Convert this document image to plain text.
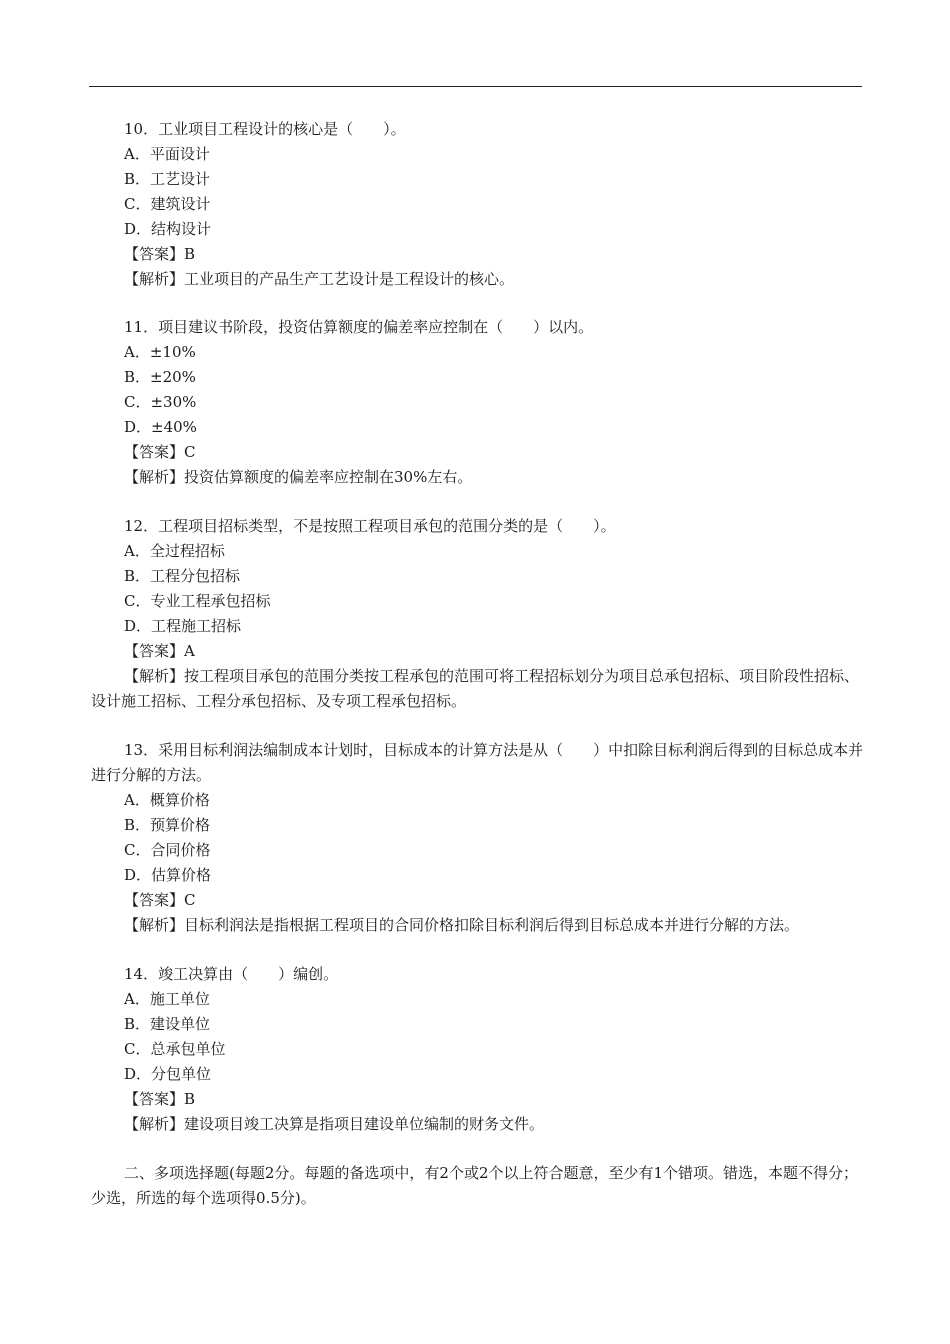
10．工业项目工程设计的核心是（　　）。
A．平面设计
B．工艺设计
C．建筑设计
D．结构设计
【答案】B
【解析】工业项目的产品生产工艺设计是工程设计的核心。
11．项目建议书阶段，投资估算额度的偏差率应控制在（　　）以内。
A．±10%
B．±20%
C．±30%
D．±40%
【答案】C
【解析】投资估算额度的偏差率应控制在30%左右。
12．工程项目招标类型，不是按照工程项目承包的范围分类的是（　　）。
A．全过程招标
B．工程分包招标
C．专业工程承包招标
D．工程施工招标
【答案】A
【解析】按工程项目承包的范围分类按工程承包的范围可将工程招标划分为项目总承包招标、项目阶段性招标、设计施工招标、工程分承包招标、及专项工程承包招标。
13．采用目标利润法编制成本计划时，目标成本的计算方法是从（　　）中扣除目标利润后得到的目标总成本并进行分解的方法。
A．概算价格
B．预算价格
C．合同价格
D．估算价格
【答案】C
【解析】目标利润法是指根据工程项目的合同价格扣除目标利润后得到目标总成本并进行分解的方法。
14．竣工决算由（　　）编创。
A．施工单位
B．建设单位
C．总承包单位
D．分包单位
【答案】B
【解析】建设项目竣工决算是指项目建设单位编制的财务文件。
二、多项选择题(每题2分。每题的备选项中，有2个或2个以上符合题意，至少有1个错项。错选，本题不得分；少选，所选的每个选项得0.5分)。
